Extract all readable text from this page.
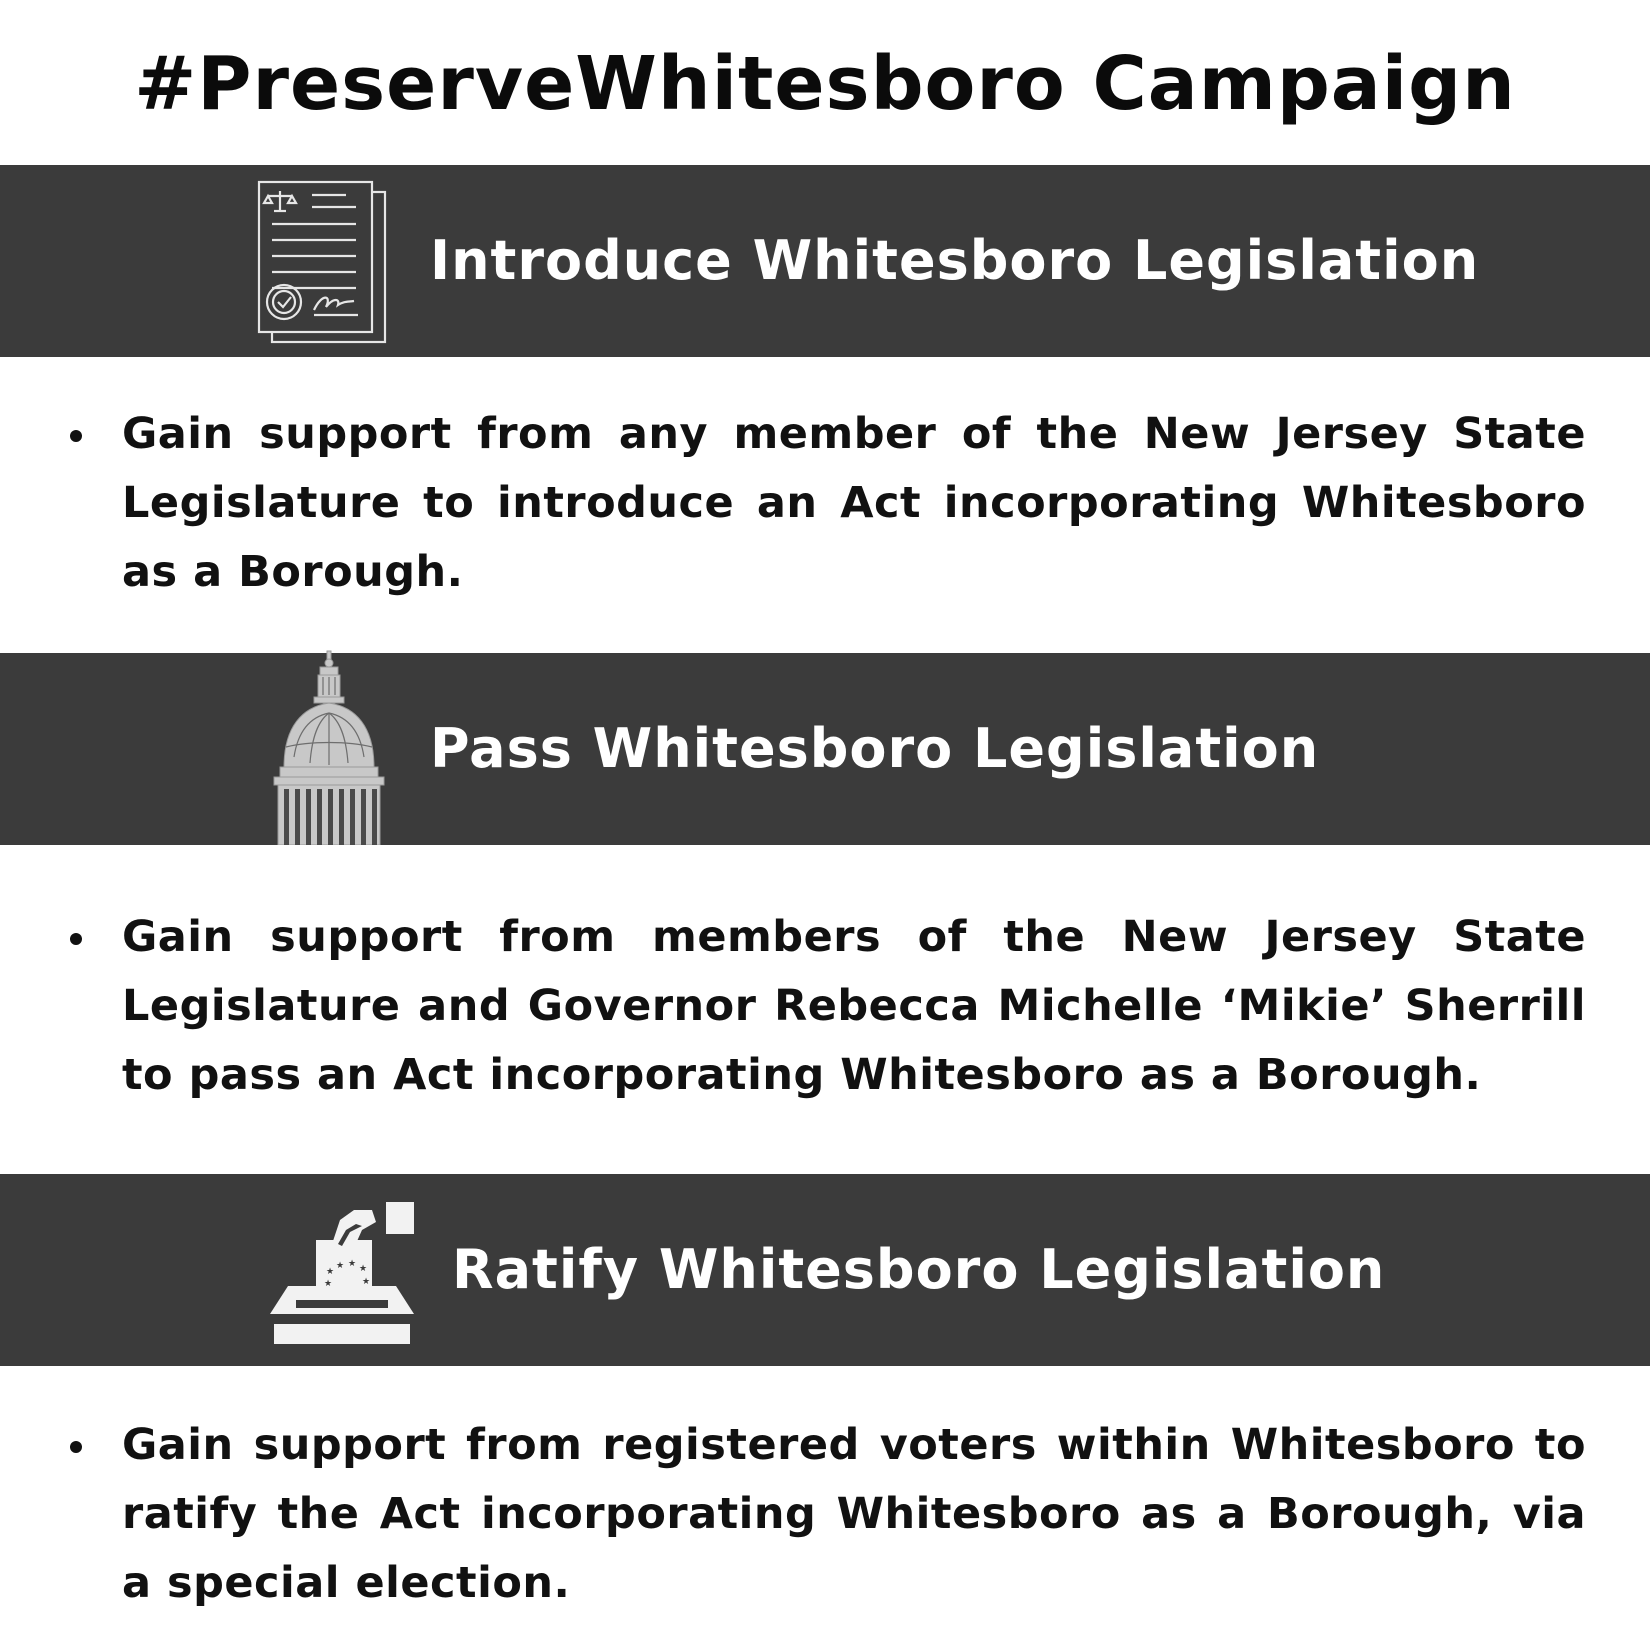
#PreserveWhitesboro Campaign
Introduce Whitesboro Legislation
Gain support from any member of the New Jersey State Legislature to introduce an Act incorporating Whitesboro as a Borough.
Pass Whitesboro Legislation
Gain support from members of the New Jersey State Legislature and Governor Rebecca Michelle ‘Mikie’ Sherrill to pass an Act incorporating Whitesboro as a Borough.
★
★ ★ ★
★	★ Ratify Whitesboro Legislation
Gain support from registered voters within Whitesboro to ratify the Act incorporating Whitesboro as a Borough, via a special election.
